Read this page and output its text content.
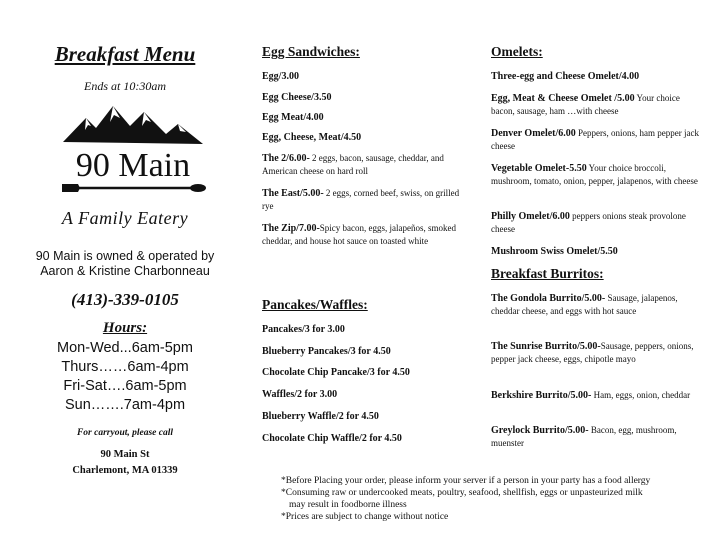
Breakfast Menu
Ends at 10:30am
90 Main
A Family Eatery
90 Main is owned & operated by
Aaron & Kristine Charbonneau
(413)-339-0105
Hours:
Mon-Wed...6am-5pm
Thurs……6am-4pm
Fri-Sat….6am-5pm
Sun…….7am-4pm
For carryout, please call
90 Main St
Charlemont, MA 01339
Egg Sandwiches:
Egg/3.00
Egg Cheese/3.50
Egg Meat/4.00
Egg, Cheese, Meat/4.50
The 2/6.00- 2 eggs, bacon, sausage, cheddar, and American cheese on hard roll
The East/5.00- 2 eggs, corned beef, swiss, on grilled rye
The Zip/7.00-Spicy bacon, eggs, jalapeños, smoked cheddar, and house hot sauce on toasted white
Pancakes/Waffles:
Pancakes/3 for 3.00
Blueberry Pancakes/3 for 4.50
Chocolate Chip Pancake/3 for 4.50
Waffles/2 for 3.00
Blueberry Waffle/2 for 4.50
Chocolate Chip Waffle/2 for 4.50
Omelets:
Three-egg and Cheese Omelet/4.00
Egg, Meat & Cheese Omelet /5.00 Your choice bacon, sausage, ham …with cheese
Denver Omelet/6.00 Peppers, onions, ham pepper jack cheese
Vegetable Omelet-5.50 Your choice broccoli, mushroom, tomato, onion, pepper, jalapenos, with cheese
Philly Omelet/6.00 peppers onions steak provolone cheese
Mushroom Swiss Omelet/5.50
Breakfast Burritos:
The Gondola Burrito/5.00- Sausage, jalapenos, cheddar cheese, and eggs with hot sauce
The Sunrise Burrito/5.00-Sausage, peppers, onions, pepper jack cheese, eggs, chipotle mayo
Berkshire Burrito/5.00- Ham, eggs, onion, cheddar
Greylock Burrito/5.00- Bacon, egg, mushroom, muenster
*Before Placing your order, please inform your server if a person in your party has a food allergy
*Consuming raw or undercooked meats, poultry, seafood, shellfish, eggs or unpasteurized milk
may result in foodborne illness
*Prices are subject to change without notice
